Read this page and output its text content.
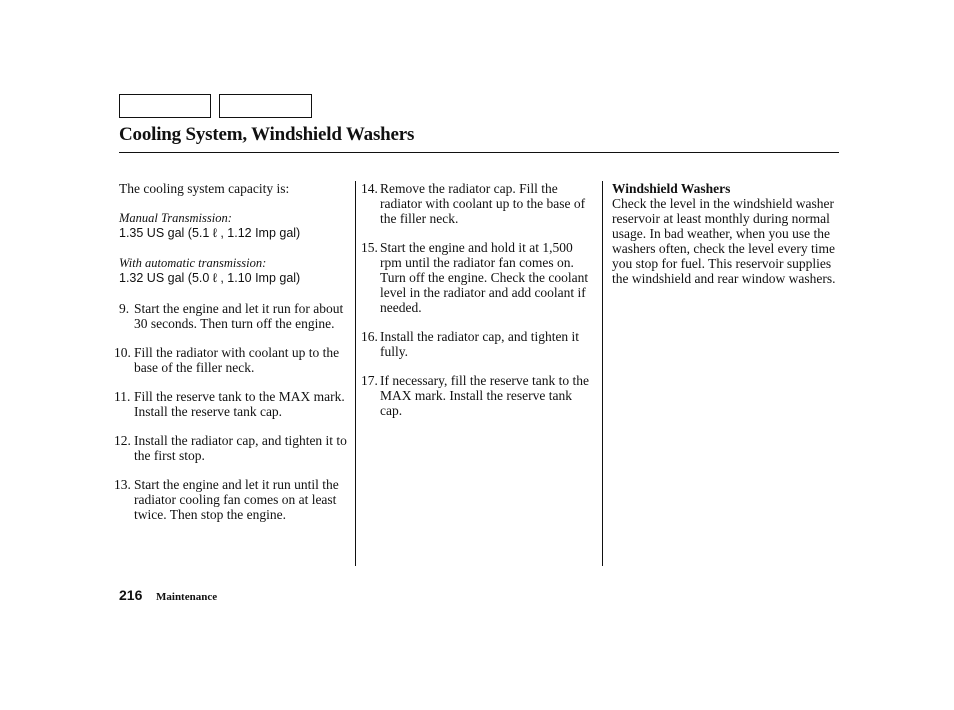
Cooling System, Windshield Washers

The cooling system capacity is:

Manual Transmission:

1.35 US gal (5.1 ℓ , 1.12 Imp gal)

With automatic transmission:

1.32 US gal (5.0 ℓ , 1.10 Imp gal)

9. Start the engine and let it run for about 30 seconds. Then turn off the engine.
10. Fill the radiator with coolant up to the base of the filler neck.
11. Fill the reserve tank to the MAX mark. Install the reserve tank cap.
12. Install the radiator cap, and tighten it to the first stop.
13. Start the engine and let it run until the radiator cooling fan comes on at least twice. Then stop the engine.
14. Remove the radiator cap. Fill the radiator with coolant up to the base of the filler neck.
15. Start the engine and hold it at 1,500 rpm until the radiator fan comes on. Turn off the engine. Check the coolant level in the radiator and add coolant if needed.
16. Install the radiator cap, and tighten it fully.
17. If necessary, fill the reserve tank to the MAX mark. Install the reserve tank cap.

Windshield Washers

Check the level in the windshield washer reservoir at least monthly during normal usage. In bad weather, when you use the washers often, check the level every time you stop for fuel. This reservoir supplies the windshield and rear window washers.

216 Maintenance
